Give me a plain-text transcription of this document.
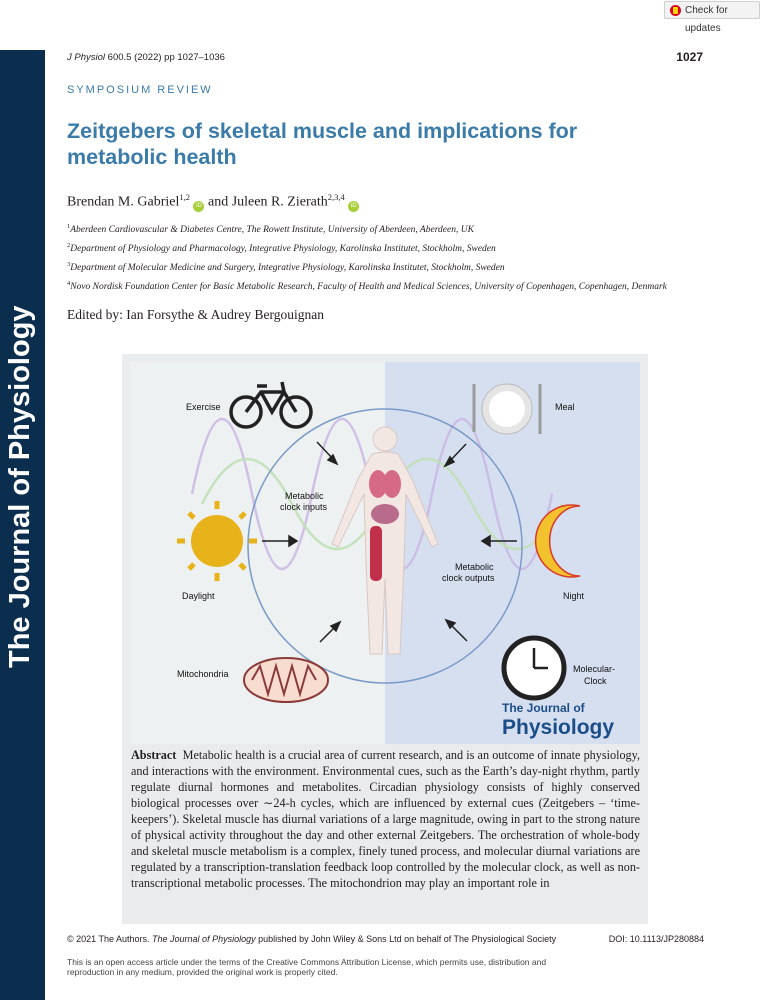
Check for updates
The Journal of Physiology
J Physiol 600.5 (2022) pp 1027–1036	1027
SYMPOSIUM REVIEW
Zeitgebers of skeletal muscle and implications for metabolic health
Brendan M. Gabriel$^{1,2}$ iD and Juleen R. Zierath$^{2,3,4}$ iD
$^1$Aberdeen Cardiovascular & Diabetes Centre, The Rowett Institute, University of Aberdeen, Aberdeen, UK
$^2$Department of Physiology and Pharmacology, Integrative Physiology, Karolinska Institutet, Stockholm, Sweden
$^3$Department of Molecular Medicine and Surgery, Integrative Physiology, Karolinska Institutet, Stockholm, Sweden
$^4$Novo Nordisk Foundation Center for Basic Metabolic Research, Faculty of Health and Medical Sciences, University of Copenhagen, Copenhagen, Denmark
Edited by: Ian Forsythe & Audrey Bergouignan
Exercise	Meal
Metabolic
clock inputs
Metabolic
clock outputs
Daylight	Night
Mitochondria	Molecular-
Clock
The Journal of
Physiology
Abstract Metabolic health is a crucial area of current research, and is an outcome of innate physiology, and interactions with the environment. Environmental cues, such as the Earth’s day-night rhythm, partly regulate diurnal hormones and metabolites. Circadian physiology consists of highly conserved biological processes over ∼24-h cycles, which are influenced by external cues (Zeitgebers – ‘time-keepers’). Skeletal muscle has diurnal variations of a large magnitude, owing in part to the strong nature of physical activity throughout the day and other external Zeitgebers. The orchestration of whole-body and skeletal muscle metabolism is a complex, finely tuned process, and molecular diurnal variations are regulated by a transcription-translation feedback loop controlled by the molecular clock, as well as non-transcriptional metabolic processes. The mitochondrion may play an important role in
© 2021 The Authors. The Journal of Physiology published by John Wiley & Sons Ltd on behalf of The Physiological Society	DOI: 10.1113/JP280884
This is an open access article under the terms of the Creative Commons Attribution License, which permits use, distribution and reproduction in any medium, provided the original work is properly cited.
